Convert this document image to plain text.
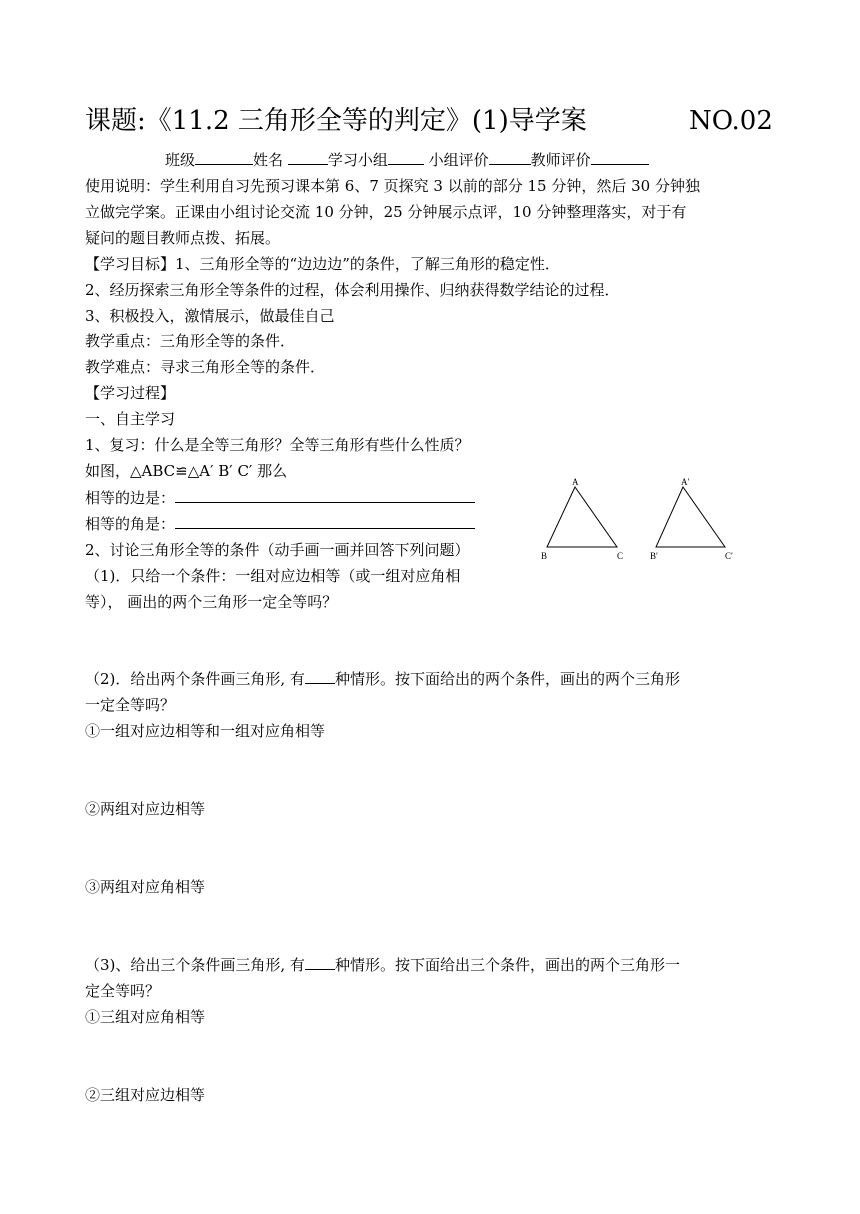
课题:《11.2 三角形全等的判定》(1)导学案	NO.02
班级	姓名	学习小组	小组评价	教师评价
使用说明：学生利用自习先预习课本第 6、7 页探究 3 以前的部分 15 分钟，然后 30 分钟独
立做完学案。正课由小组讨论交流 10 分钟，25 分钟展示点评，10 分钟整理落实，对于有
疑问的题目教师点拨、拓展。
【学习目标】1、三角形全等的“边边边”的条件，了解三角形的稳定性．
2、经历探索三角形全等条件的过程，体会利用操作、归纳获得数学结论的过程．
3、积极投入，激情展示，做最佳自己
教学重点：三角形全等的条件．
教学难点：寻求三角形全等的条件．
【学习过程】
一、自主学习
1、复习：什么是全等三角形？全等三角形有些什么性质？
如图，△ABC≌△A′ B′ C′ 那么
相等的边是：
相等的角是：
2、讨论三角形全等的条件（动手画一画并回答下列问题）
（1)．只给一个条件：一组对应边相等（或一组对应角相
等）， 画出的两个三角形一定全等吗？
（2)．给出两个条件画三角形, 有 种情形。按下面给出的两个条件，画出的两个三角形
一定全等吗？
①一组对应边相等和一组对应角相等
②两组对应边相等
③两组对应角相等
（3)、给出三个条件画三角形, 有 种情形。按下面给出三个条件，画出的两个三角形一
定全等吗？
①三组对应角相等
②三组对应边相等
A
B	C
A′
B′	C′
